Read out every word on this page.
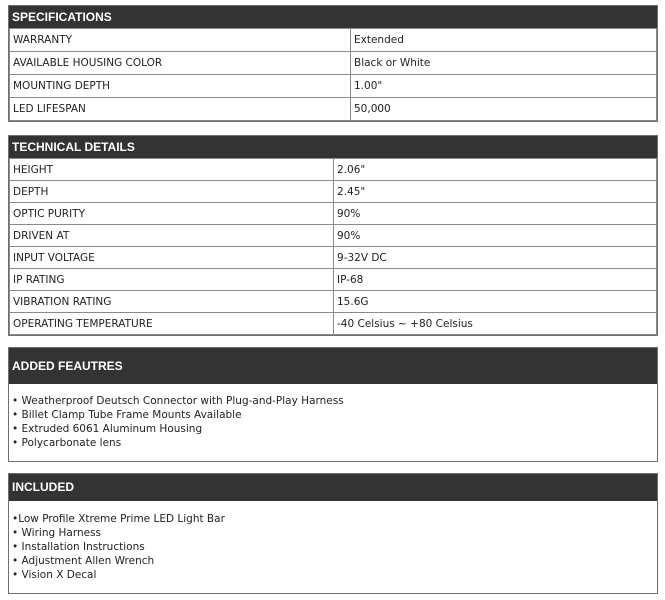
SPECIFICATIONS
WARRANTY	Extended
AVAILABLE HOUSING COLOR	Black or White
MOUNTING DEPTH	1.00"
LED LIFESPAN	50,000
TECHNICAL DETAILS
HEIGHT	2.06"
DEPTH	2.45"
OPTIC PURITY	90%
DRIVEN AT	90%
INPUT VOLTAGE	9-32V DC
IP RATING	IP-68
VIBRATION RATING	15.6G
OPERATING TEMPERATURE	-40 Celsius ~ +80 Celsius
ADDED FEAUTRES
• Weatherproof Deutsch Connector with Plug-and-Play Harness
• Billet Clamp Tube Frame Mounts Available
• Extruded 6061 Aluminum Housing
• Polycarbonate lens
INCLUDED
•Low Profile Xtreme Prime LED Light Bar
• Wiring Harness
• Installation Instructions
• Adjustment Allen Wrench
• Vision X Decal
